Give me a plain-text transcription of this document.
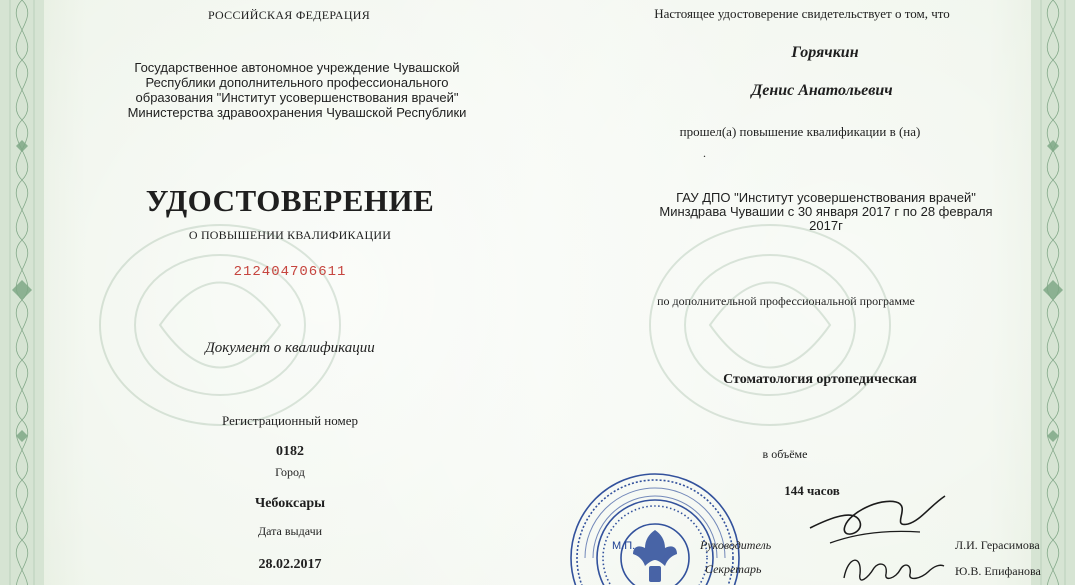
РОССИЙСКАЯ ФЕДЕРАЦИЯ
Государственное автономное учреждение Чувашской
Республики дополнительного профессионального
образования "Институт усовершенствования врачей"
Министерства здравоохранения Чувашской Республики
УДОСТОВЕРЕНИЕ
О ПОВЫШЕНИИ КВАЛИФИКАЦИИ
212404706611
Документ о квалификации
Регистрационный номер
0182
Город
Чебоксары
Дата выдачи
28.02.2017
Настоящее удостоверение свидетельствует о том, что
Горячкин
Денис Анатольевич
прошел(а) повышение квалификации в (на)
.
ГАУ ДПО "Институт усовершенствования врачей"
Минздрава Чувашии с 30 января 2017 г по 28 февраля
2017г
по дополнительной профессиональной программе
Стоматология ортопедическая
в объёме
144 часов
М.П.	Руководитель	Л.И. Герасимова
Секретарь	Ю.В. Епифанова
